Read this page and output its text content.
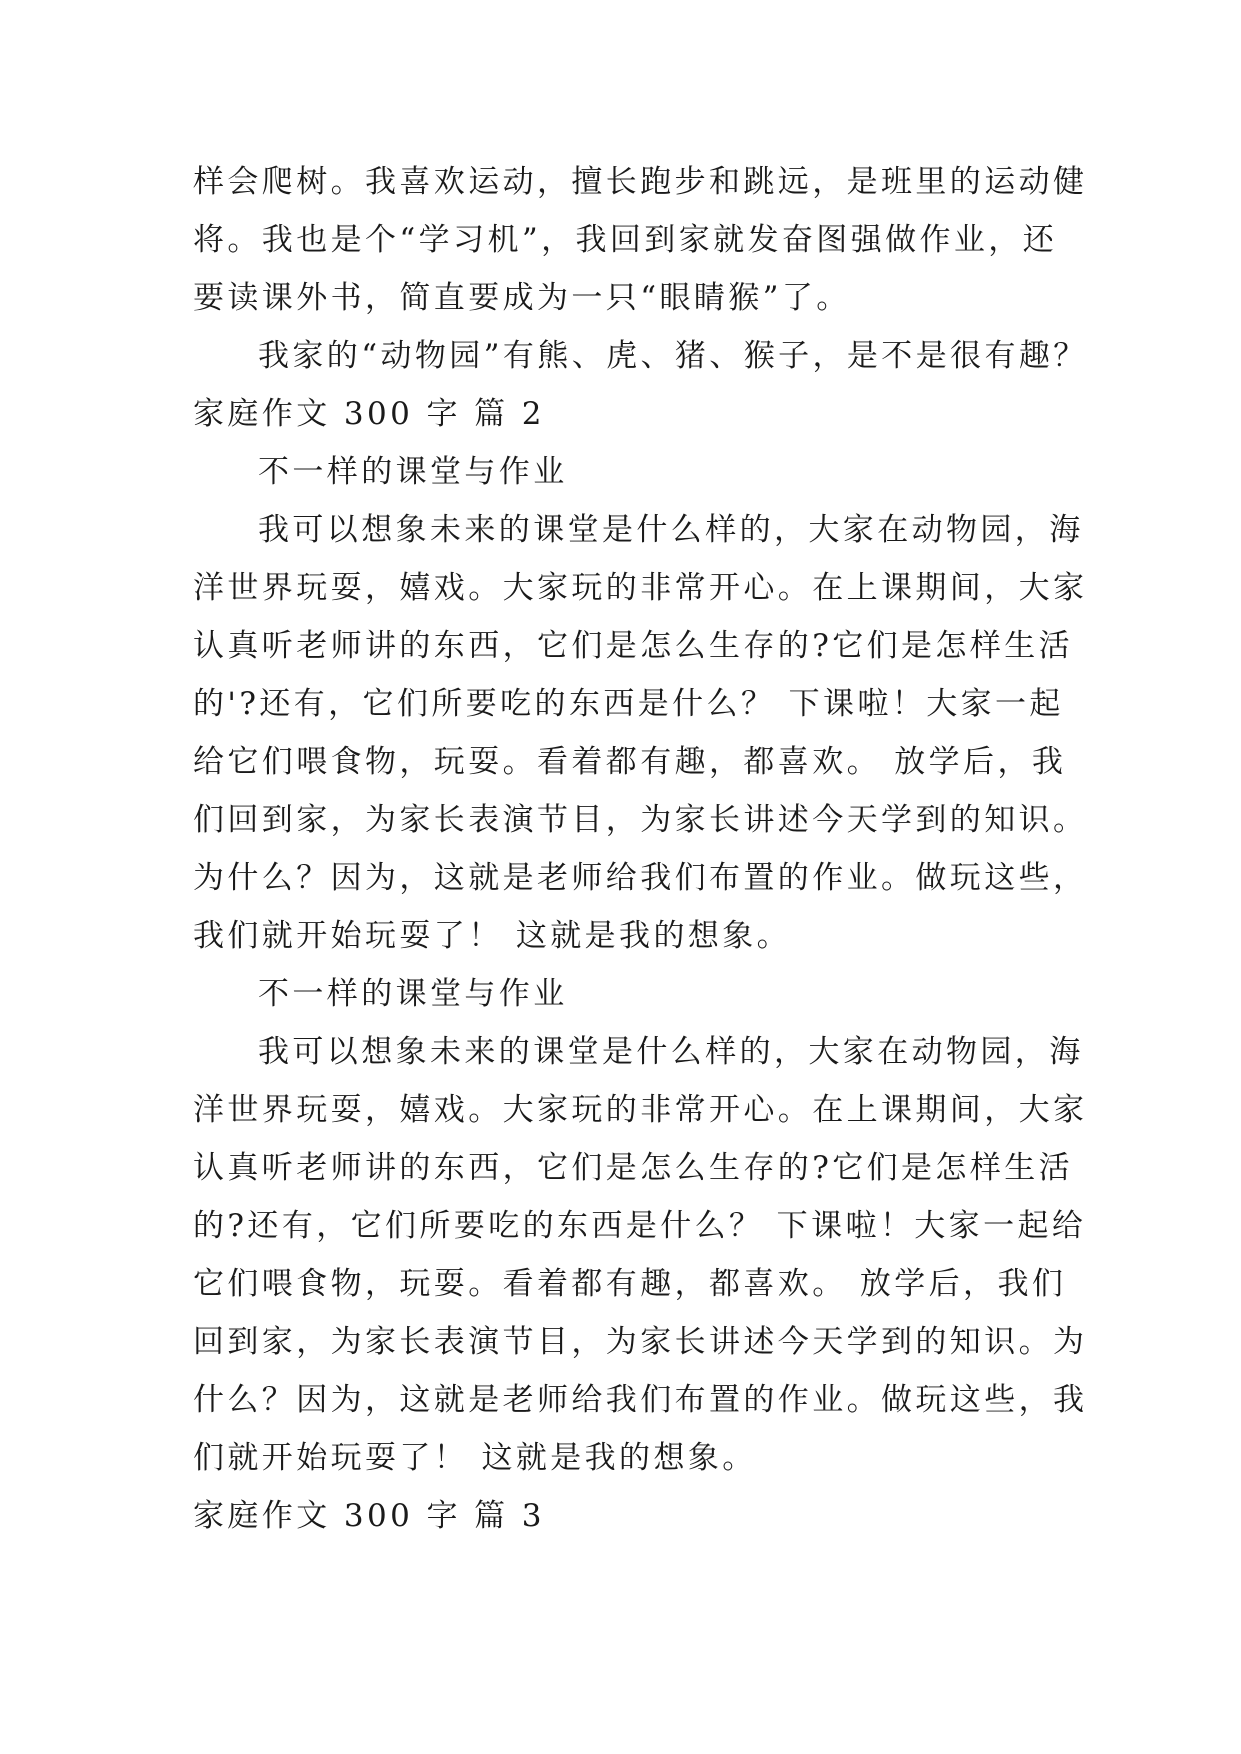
样会爬树。我喜欢运动，擅长跑步和跳远，是班里的运动健

将。我也是个“学习机”，我回到家就发奋图强做作业，还

要读课外书，简直要成为一只“眼睛猴”了。

我家的“动物园”有熊、虎、猪、猴子，是不是很有趣？

家庭作文 300 字 篇 2

不一样的课堂与作业

我可以想象未来的课堂是什么样的，大家在动物园，海

洋世界玩耍，嬉戏。大家玩的非常开心。在上课期间，大家

认真听老师讲的东西，它们是怎么生存的?它们是怎样生活

的'?还有，它们所要吃的东西是什么？ 下课啦！大家一起

给它们喂食物，玩耍。看着都有趣，都喜欢。 放学后，我

们回到家，为家长表演节目，为家长讲述今天学到的知识。

为什么？因为，这就是老师给我们布置的作业。做玩这些，

我们就开始玩耍了！ 这就是我的想象。

不一样的课堂与作业

我可以想象未来的课堂是什么样的，大家在动物园，海

洋世界玩耍，嬉戏。大家玩的非常开心。在上课期间，大家

认真听老师讲的东西，它们是怎么生存的?它们是怎样生活

的?还有，它们所要吃的东西是什么？ 下课啦！大家一起给

它们喂食物，玩耍。看着都有趣，都喜欢。 放学后，我们

回到家，为家长表演节目，为家长讲述今天学到的知识。为

什么？因为，这就是老师给我们布置的作业。做玩这些，我

们就开始玩耍了！ 这就是我的想象。

家庭作文 300 字 篇 3
